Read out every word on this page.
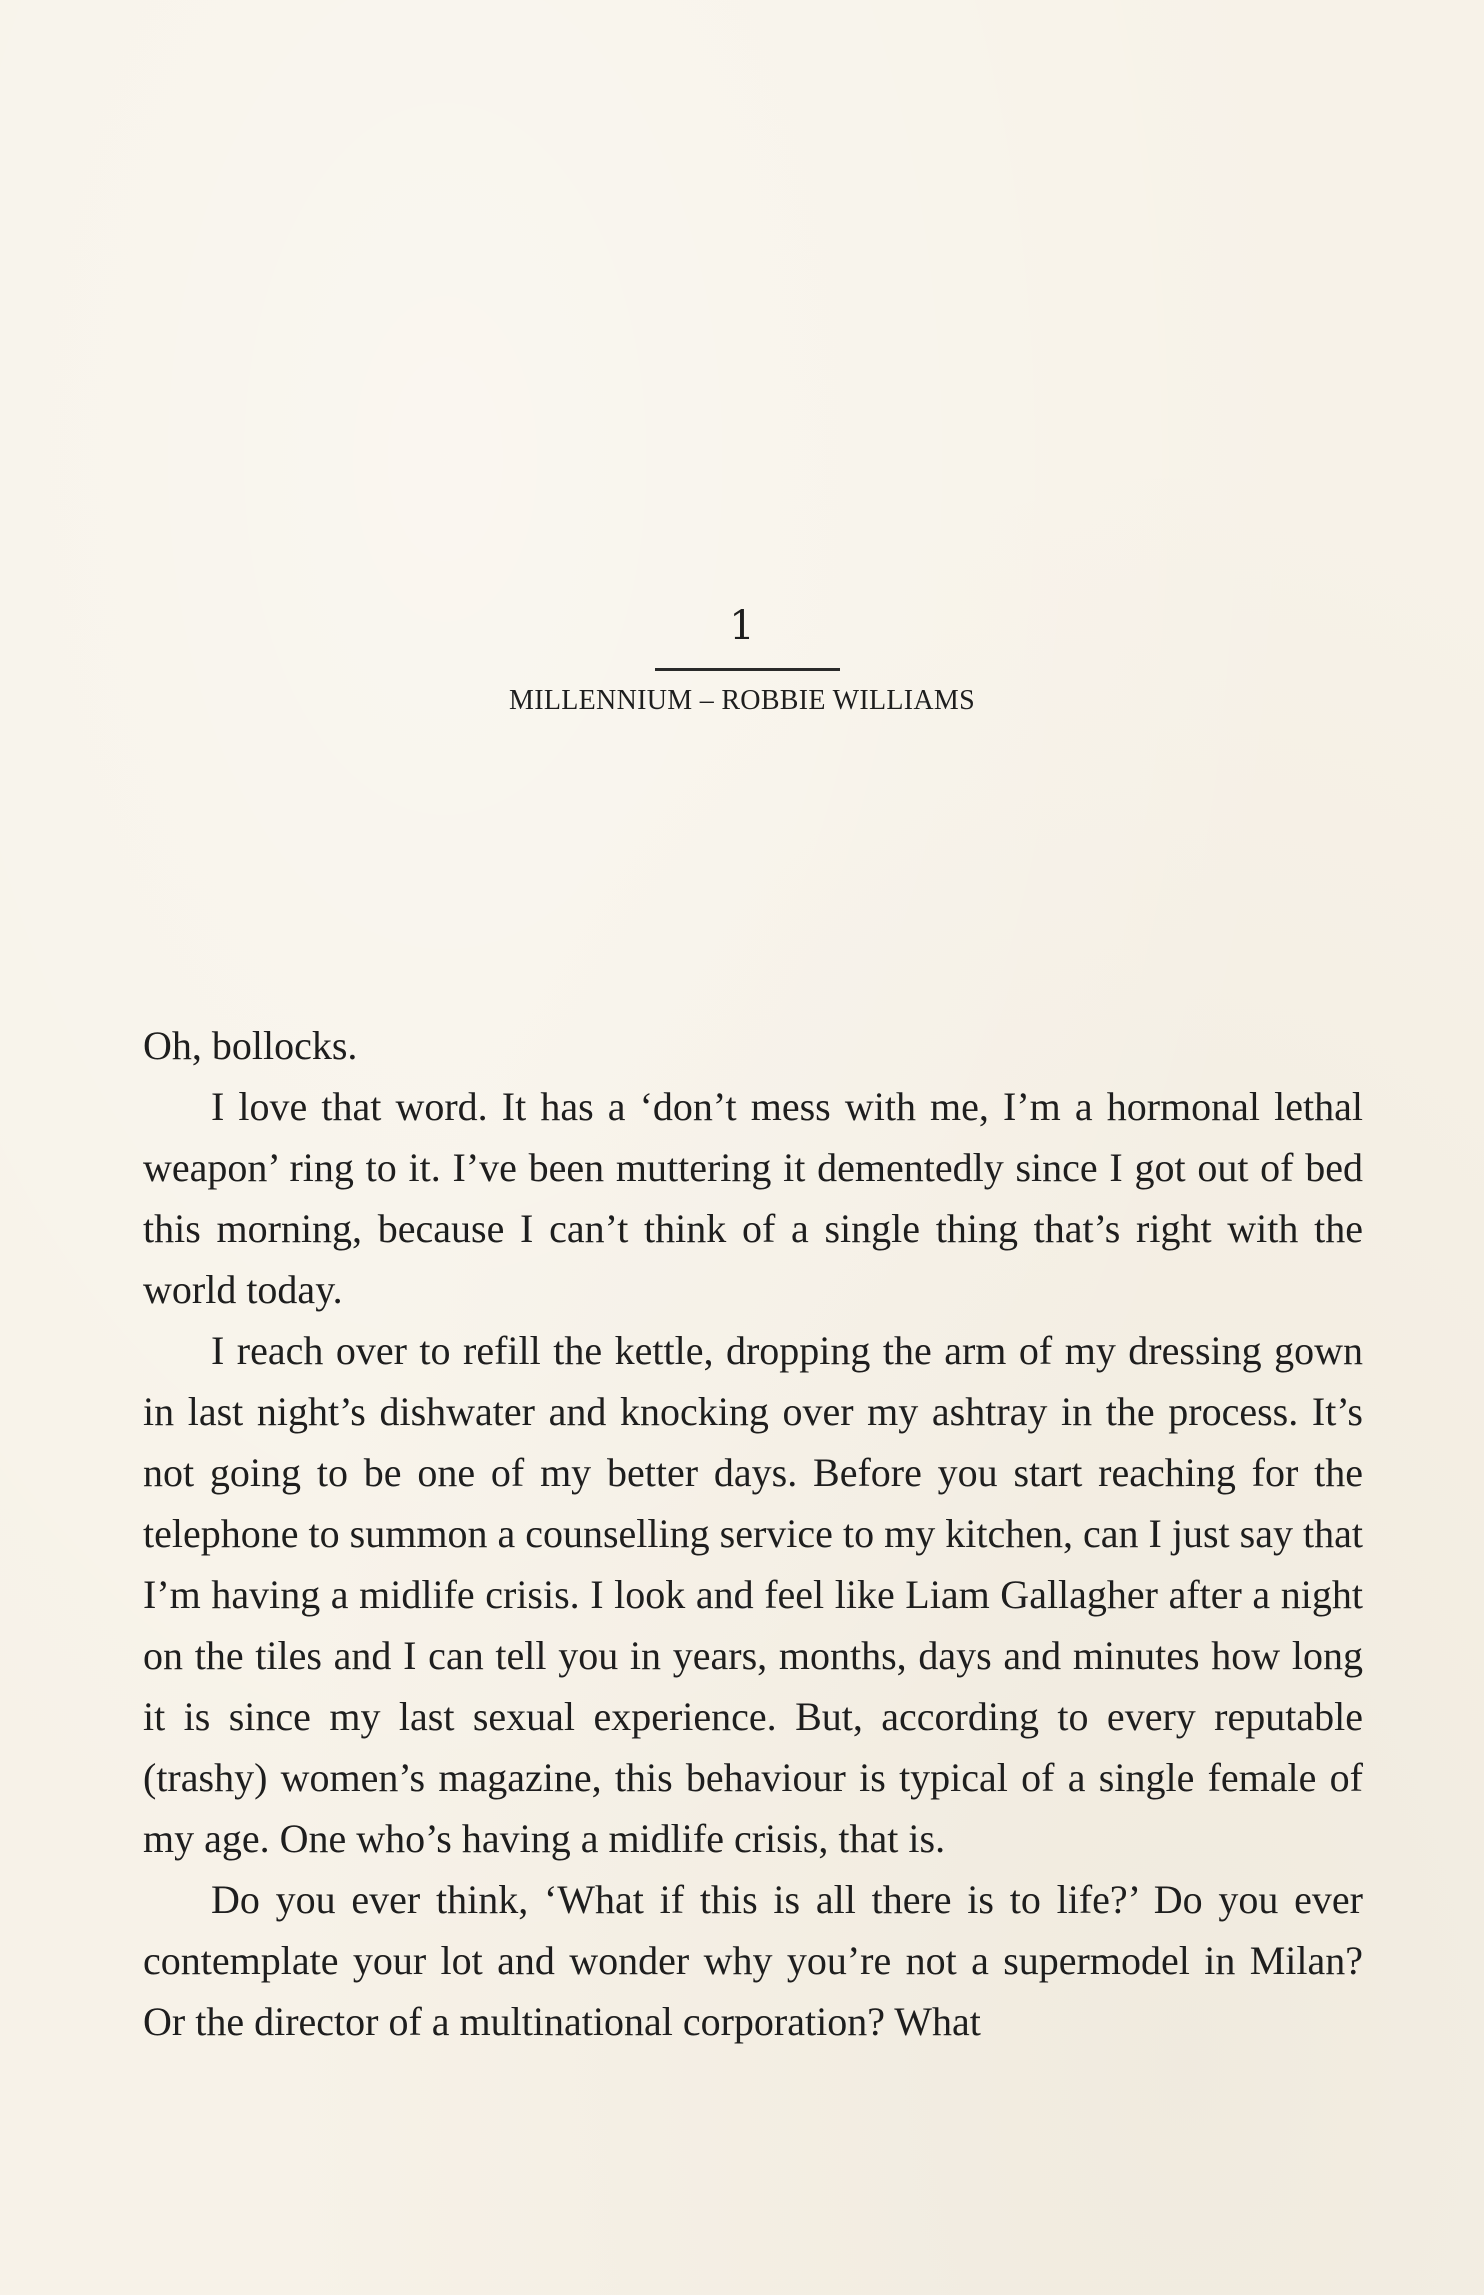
1
MILLENNIUM – ROBBIE WILLIAMS

Oh, bollocks.

I love that word. It has a ‘don’t mess with me, I’m a hormonal lethal weapon’ ring to it. I’ve been muttering it dementedly since I got out of bed this morning, because I can’t think of a single thing that’s right with the world today.

I reach over to refill the kettle, dropping the arm of my dressing gown in last night’s dishwater and knocking over my ashtray in the process. It’s not going to be one of my better days. Before you start reaching for the telephone to summon a counselling service to my kitchen, can I just say that I’m having a midlife crisis. I look and feel like Liam Gallagher after a night on the tiles and I can tell you in years, months, days and minutes how long it is since my last sexual experience. But, according to every reputable (trashy) women’s magazine, this behaviour is typical of a single female of my age. One who’s having a midlife crisis, that is.

Do you ever think, ‘What if this is all there is to life?’ Do you ever contemplate your lot and wonder why you’re not a supermodel in Milan? Or the director of a multinational corporation? What
